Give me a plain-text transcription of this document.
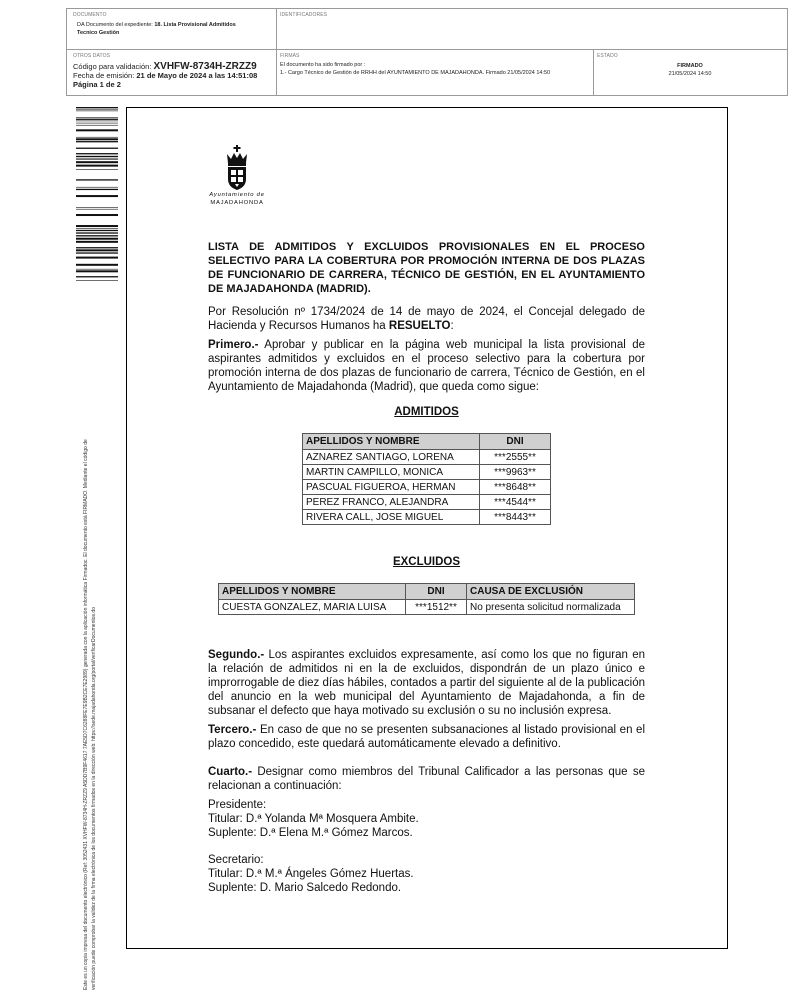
DOCUMENTO
DA Documento del expediente: 18. Lista Provisional Admitidos
Tecnico Gestión
IDENTIFICADORES
OTROS DATOS
Código para validación: XVHFW-8734H-ZRZZ9
Fecha de emisión: 21 de Mayo de 2024 a las 14:51:08
Página 1 de 2
FIRMAS
El documento ha sido firmado por :
1.- Cargo Técnico de Gestión de RRHH del AYUNTAMIENTO DE MAJADAHONDA. Firmado 21/05/2024 14:50
ESTADO
FIRMADO
21/05/2024 14:50
Este es un copia impresa del documento electrónico (Ref: 3052431 XVHFW-8734H-ZRZZ9 A5DD7B9F4617 7AE5D7C6288FE7E9B2CE7E2989) generada con la aplicación informática Firmadoc. El documento está FIRMADO. Mediante el código de verificación puede comprobar la validez de la firma electrónica de los documentos firmados en la dirección web: https://sede.majadahonda.org/portal/verificarDocumentos.do
Ayuntamiento de
MAJADAHONDA
LISTA DE ADMITIDOS Y EXCLUIDOS PROVISIONALES EN EL PROCESO SELECTIVO PARA LA COBERTURA POR PROMOCIÓN INTERNA DE DOS PLAZAS DE FUNCIONARIO DE CARRERA, TÉCNICO DE GESTIÓN, EN EL AYUNTAMIENTO DE MAJADAHONDA (MADRID).
Por Resolución nº 1734/2024 de 14 de mayo de 2024, el Concejal delegado de Hacienda y Recursos Humanos ha RESUELTO:
Primero.- Aprobar y publicar en la página web municipal la lista provisional de aspirantes admitidos y excluidos en el proceso selectivo para la cobertura por promoción interna de dos plazas de funcionario de carrera, Técnico de Gestión, en el Ayuntamiento de Majadahonda (Madrid), que queda como sigue:
ADMITIDOS
APELLIDOS Y NOMBRE	DNI
AZNAREZ SANTIAGO, LORENA	***2555**
MARTIN CAMPILLO, MONICA	***9963**
PASCUAL FIGUEROA, HERMAN	***8648**
PEREZ FRANCO, ALEJANDRA	***4544**
RIVERA CALL, JOSE MIGUEL	***8443**
EXCLUIDOS
APELLIDOS Y NOMBRE	DNI	CAUSA DE EXCLUSIÓN
CUESTA GONZALEZ, MARIA LUISA	***1512**	No presenta solicitud normalizada
Segundo.- Los aspirantes excluidos expresamente, así como los que no figuran en la relación de admitidos ni en la de excluidos, dispondrán de un plazo único e improrrogable de diez días hábiles, contados a partir del siguiente al de la publicación del anuncio en la web municipal del Ayuntamiento de Majadahonda, a fin de subsanar el defecto que haya motivado su exclusión o su no inclusión expresa.
Tercero.- En caso de que no se presenten subsanaciones al listado provisional en el plazo concedido, este quedará automáticamente elevado a definitivo.
Cuarto.- Designar como miembros del Tribunal Calificador a las personas que se relacionan a continuación:
Presidente:
Titular: D.ª Yolanda Mª Mosquera Ambite.
Suplente: D.ª Elena M.ª Gómez Marcos.
Secretario:
Titular: D.ª M.ª Ángeles Gómez Huertas.
Suplente: D. Mario Salcedo Redondo.
